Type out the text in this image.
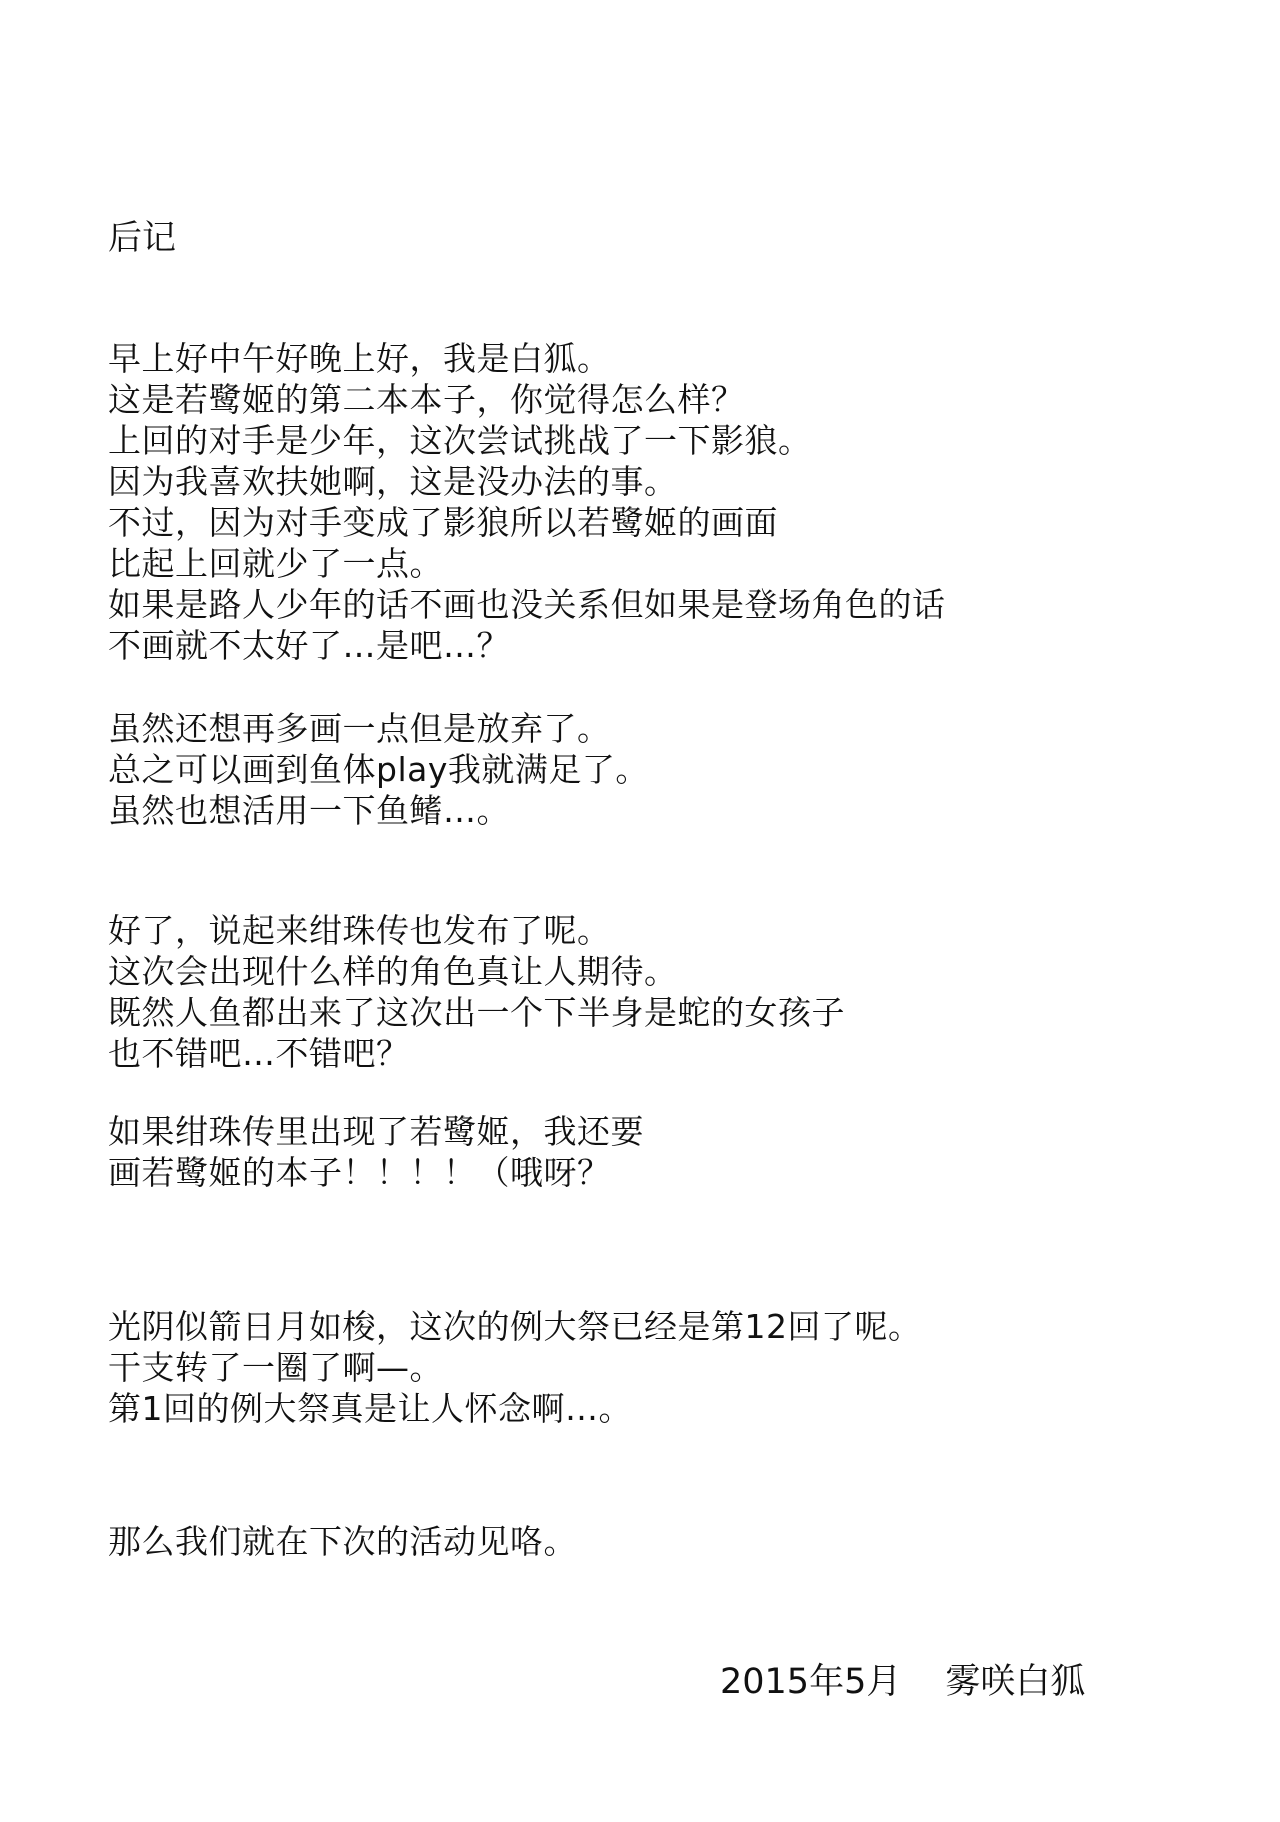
后记

早上好中午好晚上好，我是白狐。
这是若鹭姬的第二本本子，你觉得怎么样？
上回的对手是少年，这次尝试挑战了一下影狼。
因为我喜欢扶她啊，这是没办法的事。
不过，因为对手变成了影狼所以若鹭姬的画面
比起上回就少了一点。
如果是路人少年的话不画也没关系但如果是登场角色的话
不画就不太好了…是吧…？

虽然还想再多画一点但是放弃了。
总之可以画到鱼体play我就满足了。
虽然也想活用一下鱼鳍…。

好了，说起来绀珠传也发布了呢。
这次会出现什么样的角色真让人期待。
既然人鱼都出来了这次出一个下半身是蛇的女孩子
也不错吧…不错吧？

如果绀珠传里出现了若鹭姬，我还要
画若鹭姬的本子！！！！（哦呀？

光阴似箭日月如梭，这次的例大祭已经是第12回了呢。
干支转了一圈了啊—。
第1回的例大祭真是让人怀念啊…。

那么我们就在下次的活动见咯。

2015年5月 雾咲白狐
